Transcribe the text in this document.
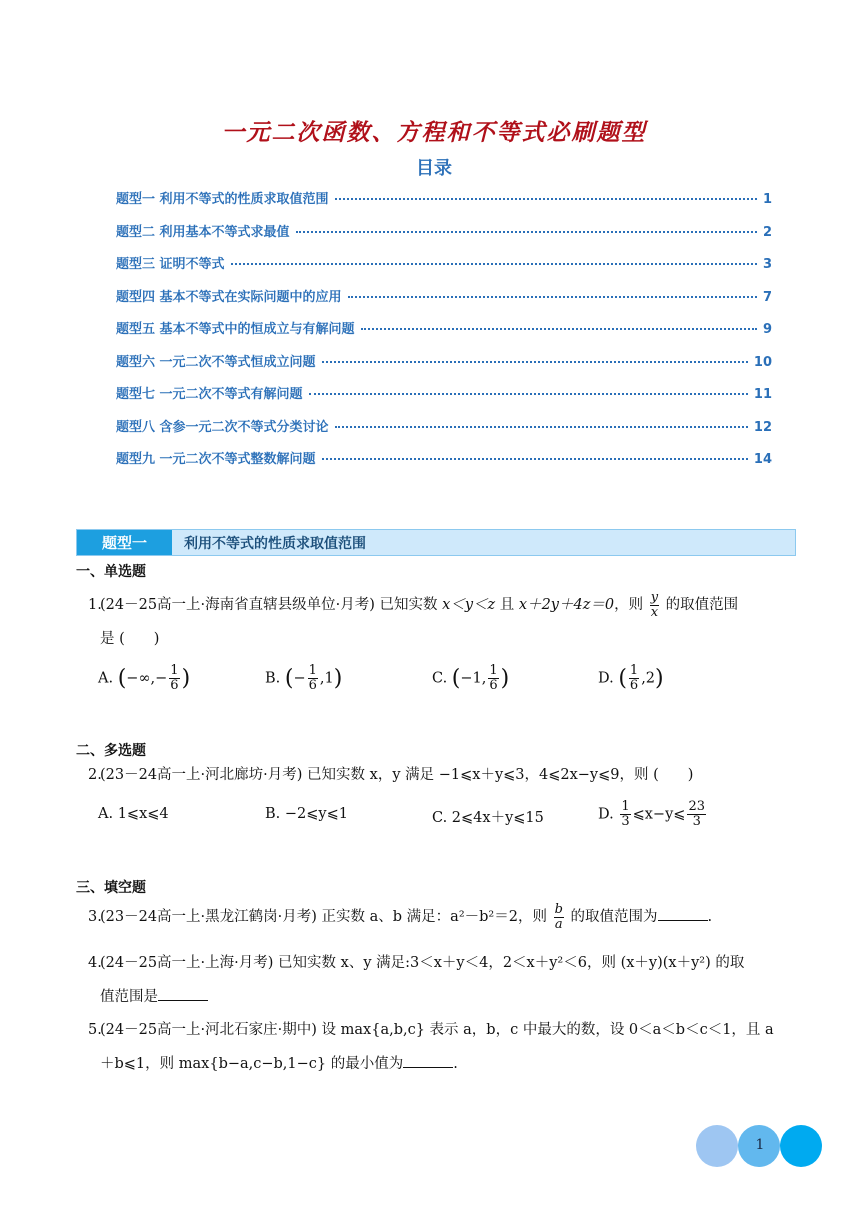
一元二次函数、方程和不等式必刷题型
目录
题型一 利用不等式的性质求取值范围	1
题型二 利用基本不等式求最值	2
题型三 证明不等式	3
题型四 基本不等式在实际问题中的应用	7
题型五 基本不等式中的恒成立与有解问题	9
题型六 一元二次不等式恒成立问题	10
题型七 一元二次不等式有解问题	11
题型八 含参一元二次不等式分类讨论	12
题型九 一元二次不等式整数解问题	14
题型一	利用不等式的性质求取值范围
一、单选题
1.(24－25高一上·海南省直辖县级单位·月考) 已知实数 x＜y＜z 且 x＋2y＋4z＝0，则 $\frac{y}{x}$ 的取值范围
是 (　　)
A. (−∞,− $\frac{1}{6}$ )	B. (− $\frac{1}{6} ,1$)	C. (−1, $\frac{1}{6}$ )	D. ( $\frac{1}{6} ,2$)
二、多选题
2.(23－24高一上·河北廊坊·月考) 已知实数 x，y 满足 −1⩽x＋y⩽3，4⩽2x−y⩽9，则 (　　)
A. 1⩽x⩽4	B. −2⩽y⩽1	C. 2⩽4x＋y⩽15	D. $\frac{1}{3}$ ⩽x−y⩽ $\frac{23}{3}$
三、填空题
3.(23－24高一上·黑龙江鹤岗·月考) 正实数 a、b 满足：a²－b²＝2，则 $\frac{b}{a}$ 的取值范围为	.
4.(24－25高一上·上海·月考) 已知实数 x、y 满足:3＜x＋y＜4，2＜x＋y²＜6，则 (x＋y)(x＋y²) 的取
值范围是
5.(24－25高一上·河北石家庄·期中) 设 max{a,b,c} 表示 a，b，c 中最大的数，设 0＜a＜b＜c＜1，且 a
＋b⩽1，则 max{b−a,c−b,1−c} 的最小值为	.
1
